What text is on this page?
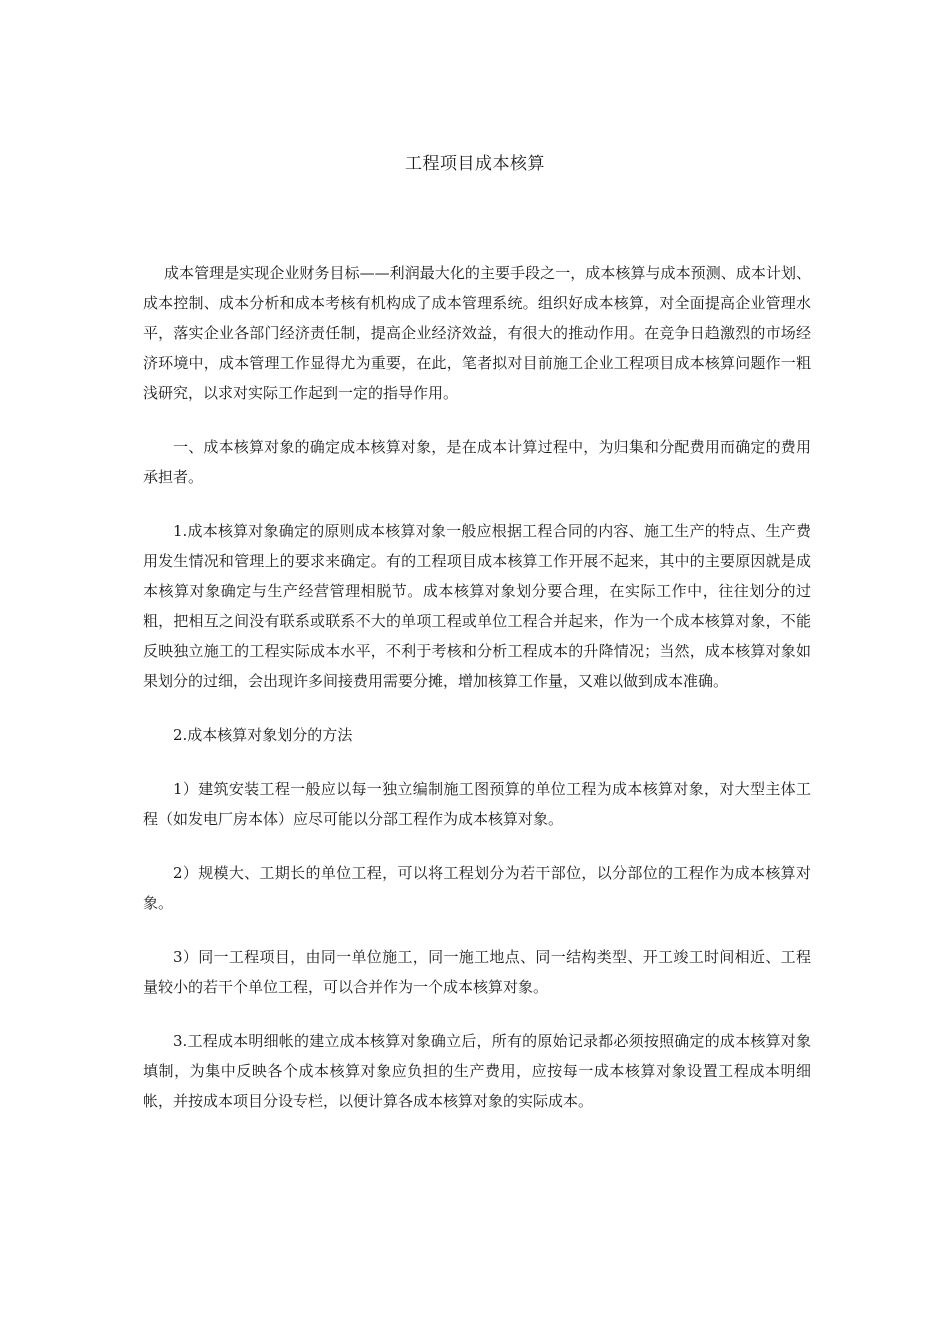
工程项目成本核算

成本管理是实现企业财务目标——利润最大化的主要手段之一，成本核算与成本预测、成本计划、成本控制、成本分析和成本考核有机构成了成本管理系统。组织好成本核算，对全面提高企业管理水平，落实企业各部门经济责任制，提高企业经济效益，有很大的推动作用。在竞争日趋激烈的市场经济环境中，成本管理工作显得尤为重要，在此，笔者拟对目前施工企业工程项目成本核算问题作一粗浅研究，以求对实际工作起到一定的指导作用。

一、成本核算对象的确定成本核算对象，是在成本计算过程中，为归集和分配费用而确定的费用承担者。

1.成本核算对象确定的原则成本核算对象一般应根据工程合同的内容、施工生产的特点、生产费用发生情况和管理上的要求来确定。有的工程项目成本核算工作开展不起来，其中的主要原因就是成本核算对象确定与生产经营管理相脱节。成本核算对象划分要合理，在实际工作中，往往划分的过粗，把相互之间没有联系或联系不大的单项工程或单位工程合并起来，作为一个成本核算对象，不能反映独立施工的工程实际成本水平，不利于考核和分析工程成本的升降情况；当然，成本核算对象如果划分的过细，会出现许多间接费用需要分摊，增加核算工作量，又难以做到成本准确。

2.成本核算对象划分的方法

1）建筑安装工程一般应以每一独立编制施工图预算的单位工程为成本核算对象，对大型主体工程（如发电厂房本体）应尽可能以分部工程作为成本核算对象。

2）规模大、工期长的单位工程，可以将工程划分为若干部位，以分部位的工程作为成本核算对象。

3）同一工程项目，由同一单位施工，同一施工地点、同一结构类型、开工竣工时间相近、工程量较小的若干个单位工程，可以合并作为一个成本核算对象。

3.工程成本明细帐的建立成本核算对象确立后，所有的原始记录都必须按照确定的成本核算对象填制，为集中反映各个成本核算对象应负担的生产费用，应按每一成本核算对象设置工程成本明细帐，并按成本项目分设专栏，以便计算各成本核算对象的实际成本。
